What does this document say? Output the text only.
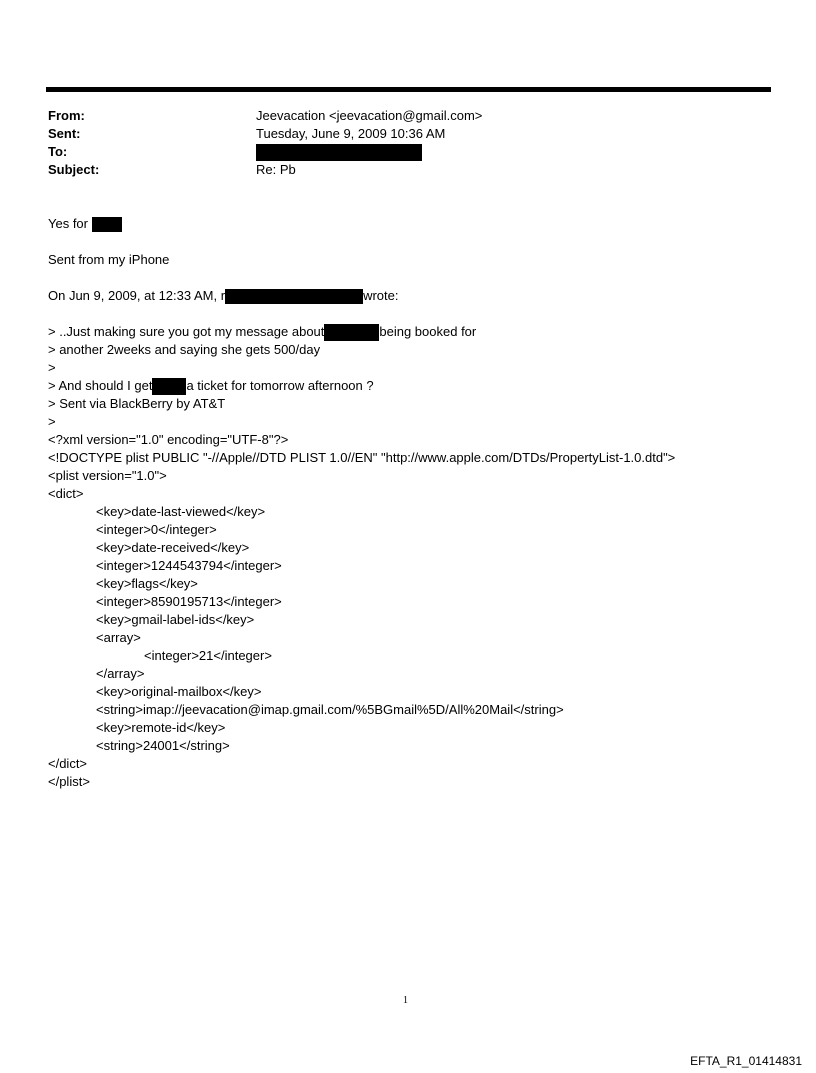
From:	Jeevacation <jeevacation@gmail.com>
Sent:	Tuesday, June 9, 2009 10:36 AM
To:
Subject:	Re: Pb
Yes for
Sent from my iPhone
On Jun 9, 2009, at 12:33 AM, r	wrote:
> ..Just making sure you got my message about	being booked for
> another 2weeks and saying she gets 500/day
>
> And should I get	a ticket for tomorrow afternoon ?
> Sent via BlackBerry by AT&T
>
<?xml version="1.0" encoding="UTF-8"?>
<!DOCTYPE plist PUBLIC "-//Apple//DTD PLIST 1.0//EN" "http://www.apple.com/DTDs/PropertyList-1.0.dtd">
<plist version="1.0">
<dict>
<key>date-last-viewed</key>
<integer>0</integer>
<key>date-received</key>
<integer>1244543794</integer>
<key>flags</key>
<integer>8590195713</integer>
<key>gmail-label-ids</key>
<array>
<integer>21</integer>
</array>
<key>original-mailbox</key>
<string>imap://jeevacation@imap.gmail.com/%5BGmail%5D/All%20Mail</string>
<key>remote-id</key>
<string>24001</string>
</dict>
</plist>
1
EFTA_R1_01414831
